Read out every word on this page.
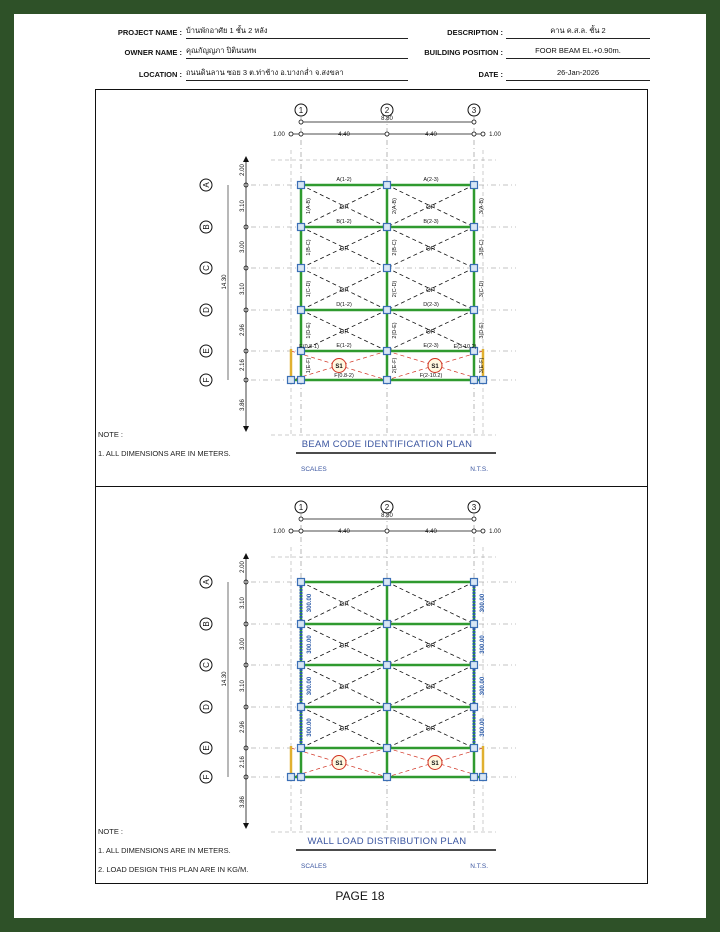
PROJECT NAME : บ้านพักอาศัย 1 ชั้น 2 หลัง
OWNER NAME : คุณกัญญภา ปิตินนทพ
LOCATION : ถนนดินลาน ซอย 3 ต.ท่าช้าง อ.บางกล่ำ จ.สงขลา
DESCRIPTION :	คาน ค.ส.ล. ชั้น 2
BUILDING POSITION :	FOOR BEAM EL.+0.90m.
DATE :	26-Jan-2026
1	2	3
8.80
1.00	1.00
4.40	4.40
A
B
C
D
E
F
2.00
3.10
3.00
3.10
2.96
2.16
3.86
14.30
OP	OP
OP	OP
OP	OP
OP	OP
S1	S1
A(1-2)	A(2-3)
B(1-2)	B(2-3)
D(1-2)	D(2-3)
E(1-2)	E(2-3)
F(0.8-2)	F(2-10.2)
E(0.8-1)	E(3-10.2)
1(A-B)	2(A-B)	3(A-B)
1(B-C)	2(B-C)	3(B-C)
1(C-D)	2(C-D)	3(C-D)
1(D-E)	2(D-E)	3(D-E)
1(E-F)	2(E-F)	3(E-F)
BEAM CODE IDENTIFICATION PLAN
SCALES	N.T.S.
NOTE :
1. ALL DIMENSIONS ARE IN METERS.
1	2	3
8.80
1.00	1.00
4.40	4.40
A
B
C
D
E
F
2.00
3.10
3.00
3.10
2.96
2.16
3.86
14.30
OP	OP
OP	OP
OP	OP
OP	OP
S1	S1
300.00	300.00
300.00	300.00
300.00	300.00
300.00	300.00
WALL LOAD DISTRIBUTION PLAN
SCALES	N.T.S.
NOTE :
1. ALL DIMENSIONS ARE IN METERS.
2. LOAD DESIGN THIS PLAN ARE IN KG/M.
PAGE 18
